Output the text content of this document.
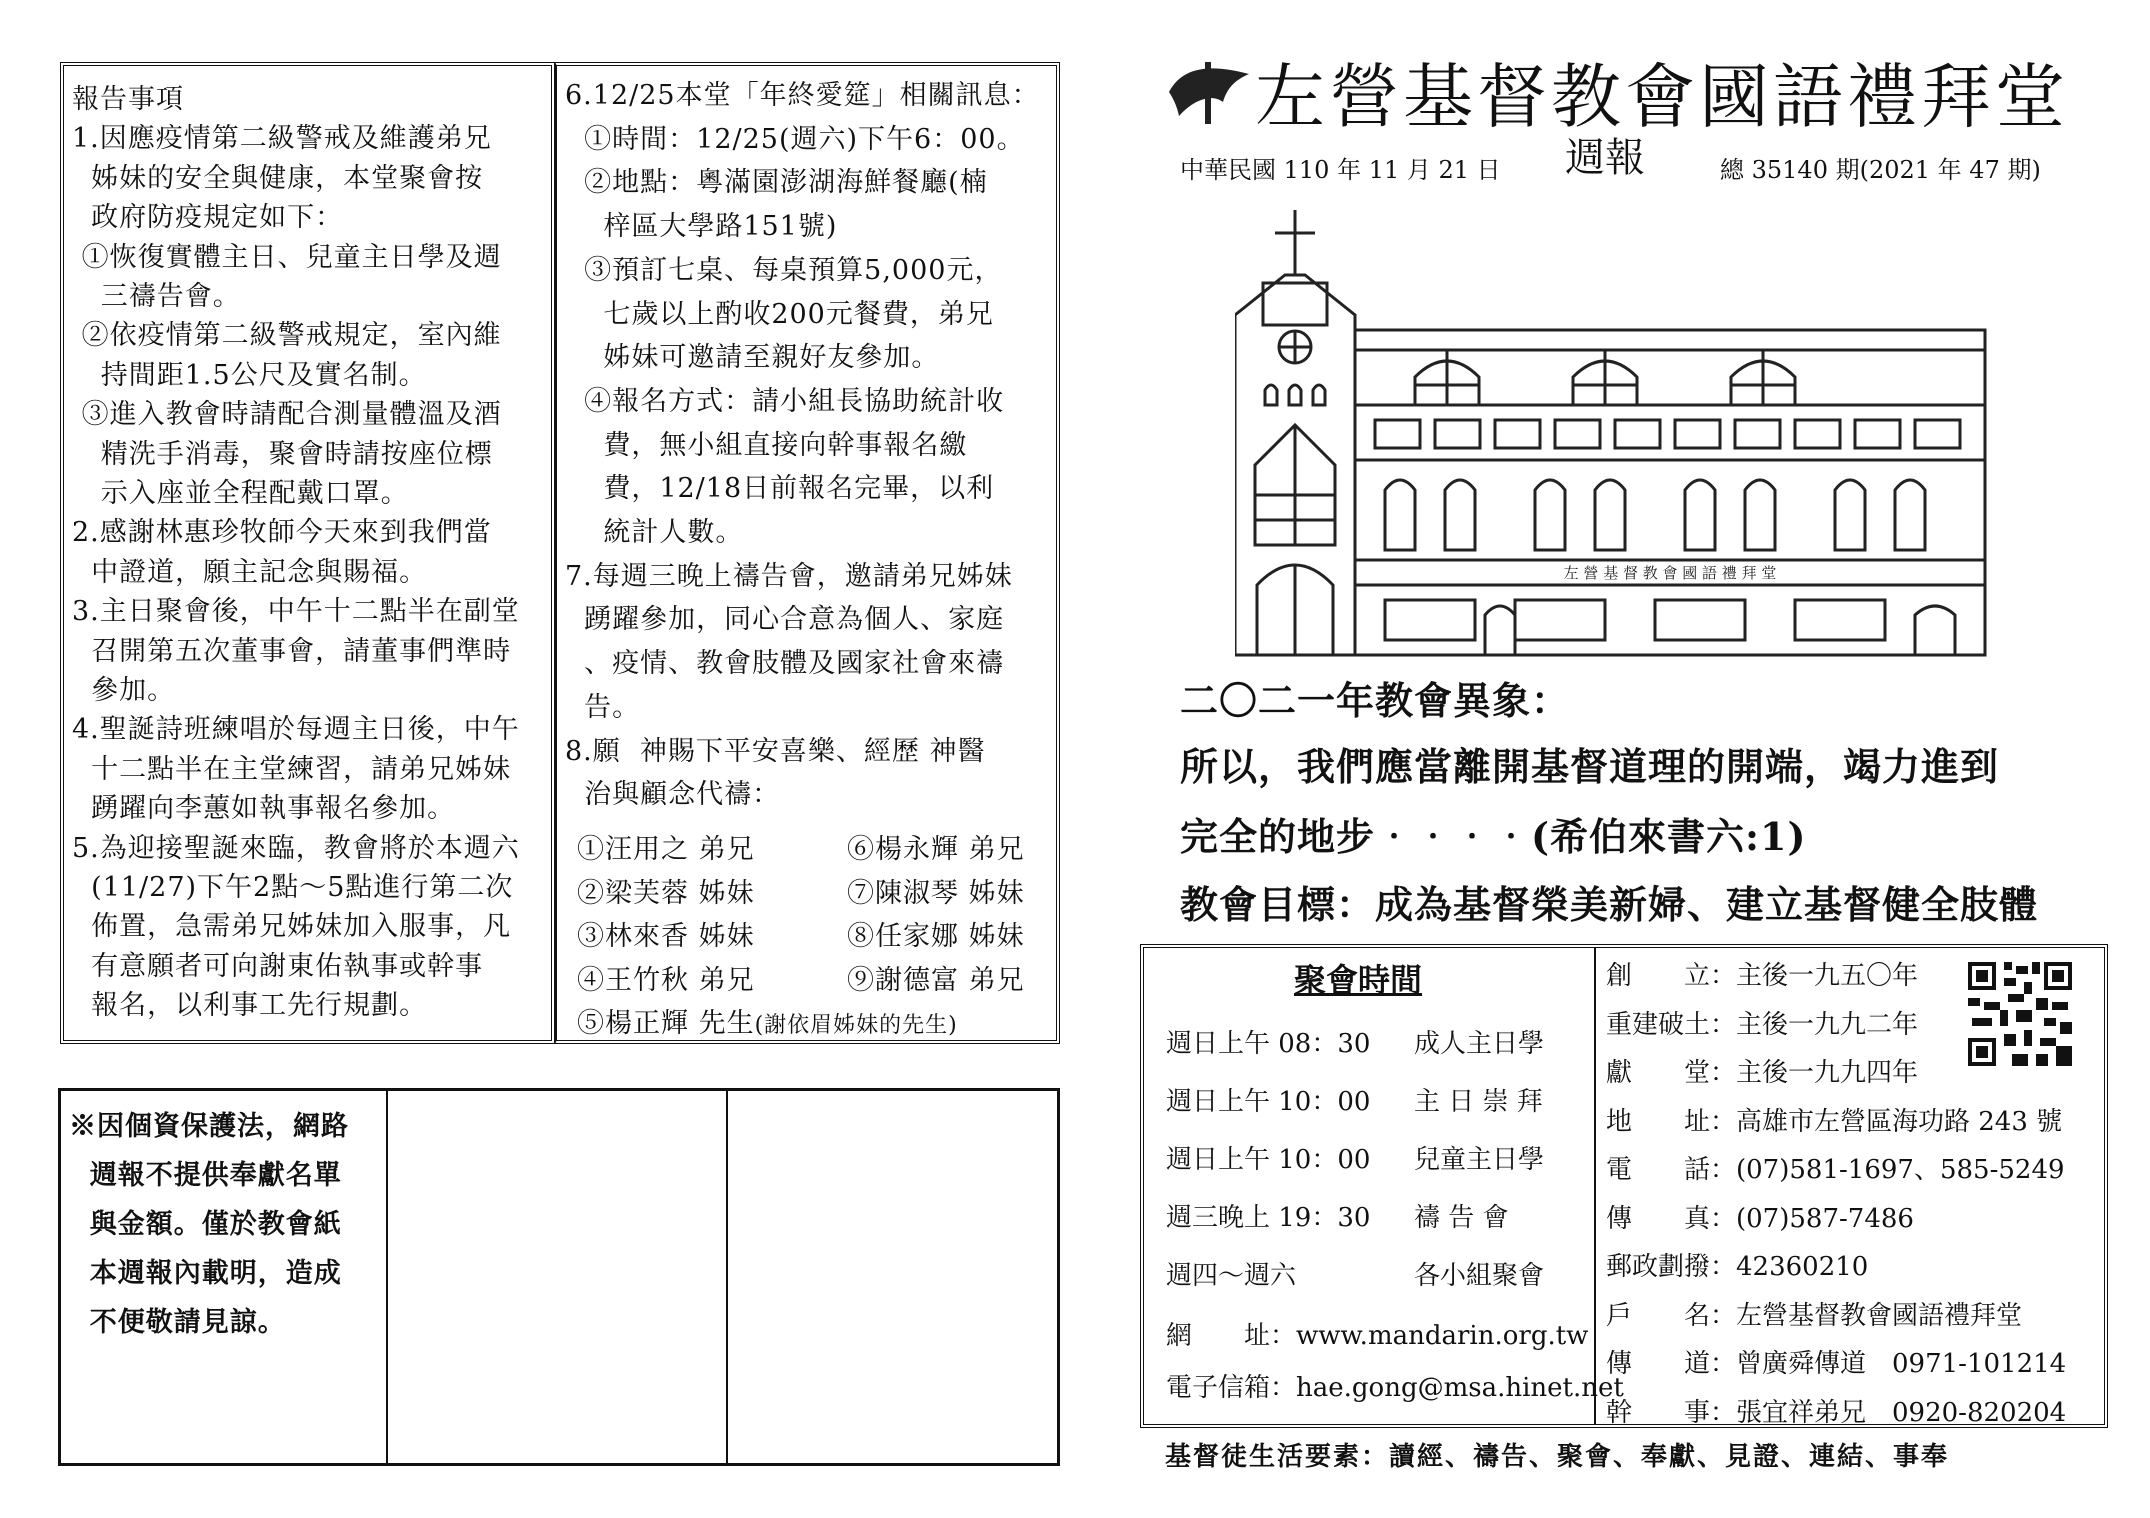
報告事項
1.因應疫情第二級警戒及維護弟兄
姊妹的安全與健康，本堂聚會按
政府防疫規定如下：
①恢復實體主日、兒童主日學及週
三禱告會。
②依疫情第二級警戒規定，室內維
持間距1.5公尺及實名制。
③進入教會時請配合測量體溫及酒
精洗手消毒，聚會時請按座位標
示入座並全程配戴口罩。
2.感謝林惠珍牧師今天來到我們當
中證道，願主記念與賜福。
3.主日聚會後，中午十二點半在副堂
召開第五次董事會，請董事們準時
參加。
4.聖誕詩班練唱於每週主日後，中午
十二點半在主堂練習，請弟兄姊妹
踴躍向李蕙如執事報名參加。
5.為迎接聖誕來臨，教會將於本週六
(11/27)下午2點～5點進行第二次
佈置，急需弟兄姊妹加入服事，凡
有意願者可向謝東佑執事或幹事
報名，以利事工先行規劃。
6.12/25本堂「年終愛筵」相關訊息：
①時間：12/25(週六)下午6：00。
②地點：粵滿園澎湖海鮮餐廳(楠
梓區大學路151號)
③預訂七桌、每桌預算5,000元，
七歲以上酌收200元餐費，弟兄
姊妹可邀請至親好友參加。
④報名方式：請小組長協助統計收
費，無小組直接向幹事報名繳
費，12/18日前報名完畢，以利
統計人數。
7.每週三晚上禱告會，邀請弟兄姊妹
踴躍參加，同心合意為個人、家庭
、疫情、教會肢體及國家社會來禱
告。
8.願  神賜下平安喜樂、經歷 神醫
治與顧念代禱：
①汪用之 弟兄	⑥楊永輝 弟兄
②梁芙蓉 姊妹	⑦陳淑琴 姊妹
③林來香 姊妹	⑧任家娜 姊妹
④王竹秋 弟兄	⑨謝德富 弟兄
⑤楊正輝 先生(謝依眉姊妹的先生)
※因個資保護法，網路
週報不提供奉獻名單
與金額。僅於教會紙
本週報內載明，造成
不便敬請見諒。
左營基督教會國語禮拜堂
中華民國 110 年 11 月 21 日 週報	總 35140 期(2021 年 47 期)
左 營 基 督 教 會 國 語 禮 拜 堂
二〇二一年教會異象：
所以，我們應當離開基督道理的開端，竭力進到
完全的地步‧‧‧‧(希伯來書六:1)
教會目標：成為基督榮美新婦、建立基督健全肢體
聚會時間
週日上午 08：30 成人主日學
週日上午 10：00 主 日 崇 拜
週日上午 10：00 兒童主日學
週三晚上 19：30 禱 告 會
週四～週六	各小組聚會
網　　址：www.mandarin.org.tw
電子信箱：hae.gong@msa.hinet.net
創　　立：主後一九五〇年
重建破土：主後一九九二年
獻　　堂：主後一九九四年
地　　址：高雄市左營區海功路 243 號
電　　話：(07)581-1697、585-5249
傳　　真：(07)587-7486
郵政劃撥：42360210
戶　　名：左營基督教會國語禮拜堂
傳　　道：曾廣舜傳道　0971-101214
幹　　事：張宜祥弟兄　0920-820204
基督徒生活要素：讀經、禱告、聚會、奉獻、見證、連結、事奉
